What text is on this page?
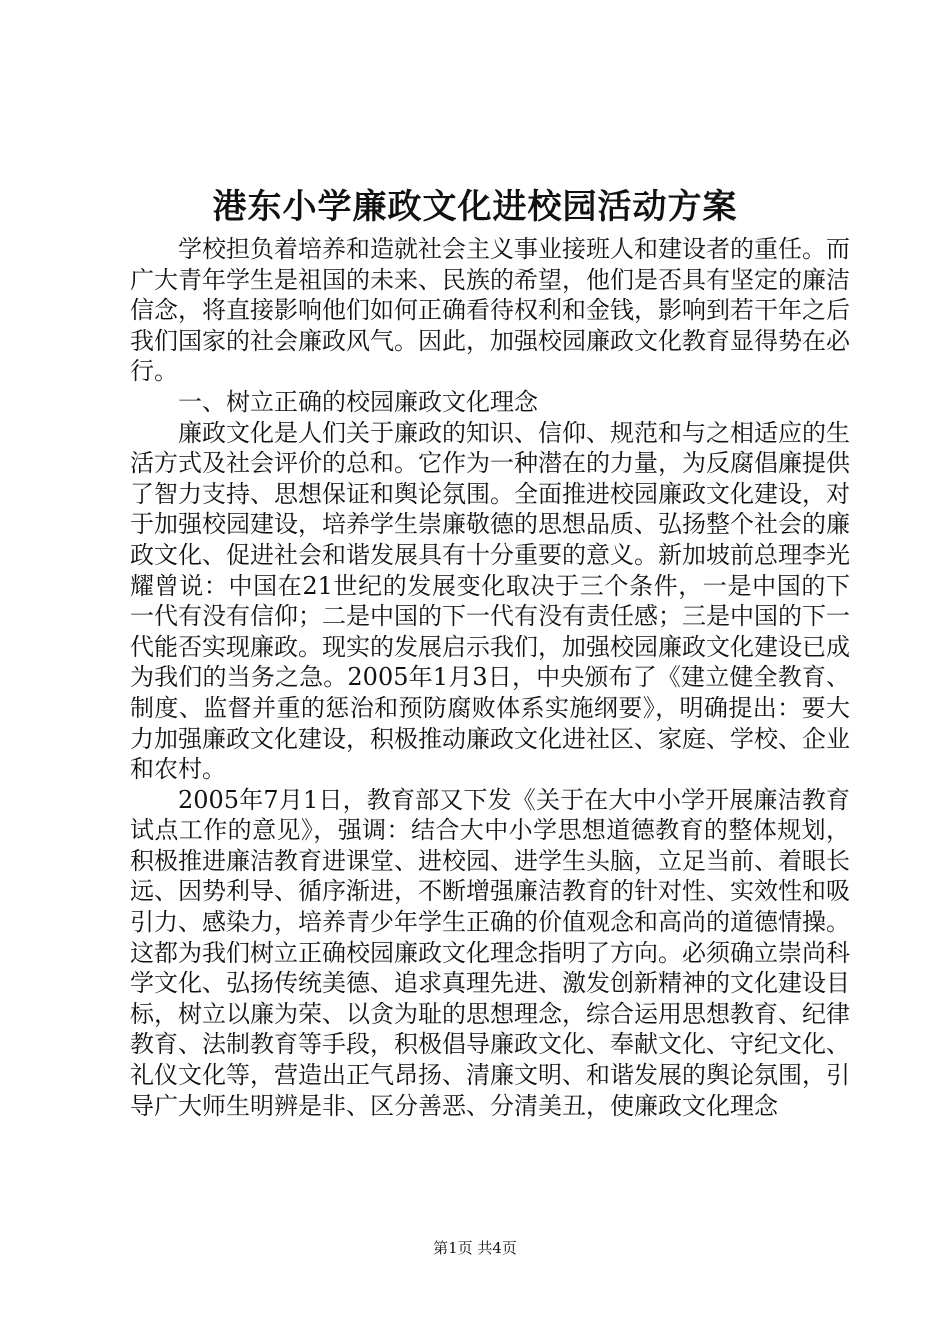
港东小学廉政文化进校园活动方案

学校担负着培养和造就社会主义事业接班人和建设者的重任。而广大青年学生是祖国的未来、民族的希望，他们是否具有坚定的廉洁信念，将直接影响他们如何正确看待权利和金钱，影响到若干年之后我们国家的社会廉政风气。因此，加强校园廉政文化教育显得势在必行。

一、树立正确的校园廉政文化理念

廉政文化是人们关于廉政的知识、信仰、规范和与之相适应的生活方式及社会评价的总和。它作为一种潜在的力量，为反腐倡廉提供了智力支持、思想保证和舆论氛围。全面推进校园廉政文化建设，对于加强校园建设，培养学生崇廉敬德的思想品质、弘扬整个社会的廉政文化、促进社会和谐发展具有十分重要的意义。新加坡前总理李光耀曾说：中国在21世纪的发展变化取决于三个条件，一是中国的下一代有没有信仰；二是中国的下一代有没有责任感；三是中国的下一代能否实现廉政。现实的发展启示我们，加强校园廉政文化建设已成为我们的当务之急。2005年1月3日，中央颁布了《建立健全教育、制度、监督并重的惩治和预防腐败体系实施纲要》，明确提出：要大力加强廉政文化建设，积极推动廉政文化进社区、家庭、学校、企业和农村。

2005年7月1日，教育部又下发《关于在大中小学开展廉洁教育试点工作的意见》，强调：结合大中小学思想道德教育的整体规划，积极推进廉洁教育进课堂、进校园、进学生头脑，立足当前、着眼长远、因势利导、循序渐进，不断增强廉洁教育的针对性、实效性和吸引力、感染力，培养青少年学生正确的价值观念和高尚的道德情操。这都为我们树立正确校园廉政文化理念指明了方向。必须确立崇尚科学文化、弘扬传统美德、追求真理先进、激发创新精神的文化建设目标，树立以廉为荣、以贪为耻的思想理念，综合运用思想教育、纪律教育、法制教育等手段，积极倡导廉政文化、奉献文化、守纪文化、礼仪文化等，营造出正气昂扬、清廉文明、和谐发展的舆论氛围，引导广大师生明辨是非、区分善恶、分清美丑，使廉政文化理念

第1页 共4页
